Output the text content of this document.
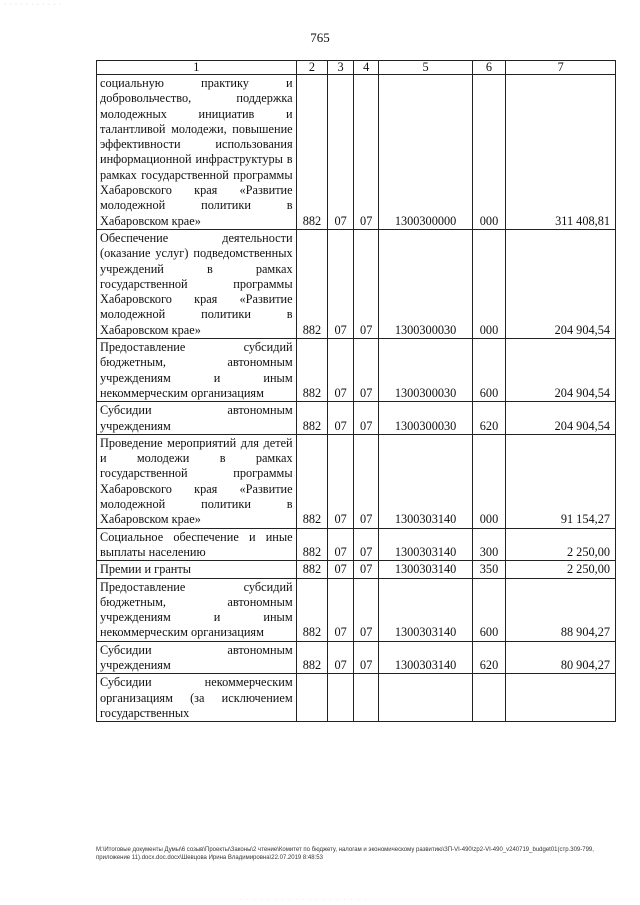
· · · · · · · · · · ·
765
1	2	3	4	5	6	7
социальную практику и добровольчество, поддержка молодежных инициатив и талантливой молодежи, повышение эффективности использования информационной инфраструктуры в рамках государственной программы Хабаровского края «Развитие молодежной политики в Хабаровском крае»	882	07	07	1300300000	000	311 408,81
Обеспечение деятельности (оказание услуг) подведомственных учреждений в рамках государственной программы Хабаровского края «Развитие молодежной политики в Хабаровском крае»	882	07	07	1300300030	000	204 904,54
Предоставление субсидий бюджетным, автономным учреждениям и иным некоммерческим организациям	882	07	07	1300300030	600	204 904,54
Субсидии автономным учреждениям	882	07	07	1300300030	620	204 904,54
Проведение мероприятий для детей и молодежи в рамках государственной программы Хабаровского края «Развитие молодежной политики в Хабаровском крае»	882	07	07	1300303140	000	91 154,27
Социальное обеспечение и иные выплаты населению	882	07	07	1300303140	300	2 250,00
Премии и гранты	882	07	07	1300303140	350	2 250,00
Предоставление субсидий бюджетным, автономным учреждениям и иным некоммерческим организациям	882	07	07	1300303140	600	88 904,27
Субсидии автономным учреждениям	882	07	07	1300303140	620	80 904,27
Субсидии некоммерческим организациям (за исключением государственных						
М:\Итоговые документы Думы\6 созыв\Проекты\Законы\2 чтение\Комитет по бюджету, налогам и экономическому развитию\ЗП-VI-490\zp2-VI-490_v240719_budget01(стр.309-799, приложение 11).docx.doc.docx\Шевцова Ирина Владимировна\22.07.2019 8:48:53
· · · · · · · · · · · · · · · · · · ·
